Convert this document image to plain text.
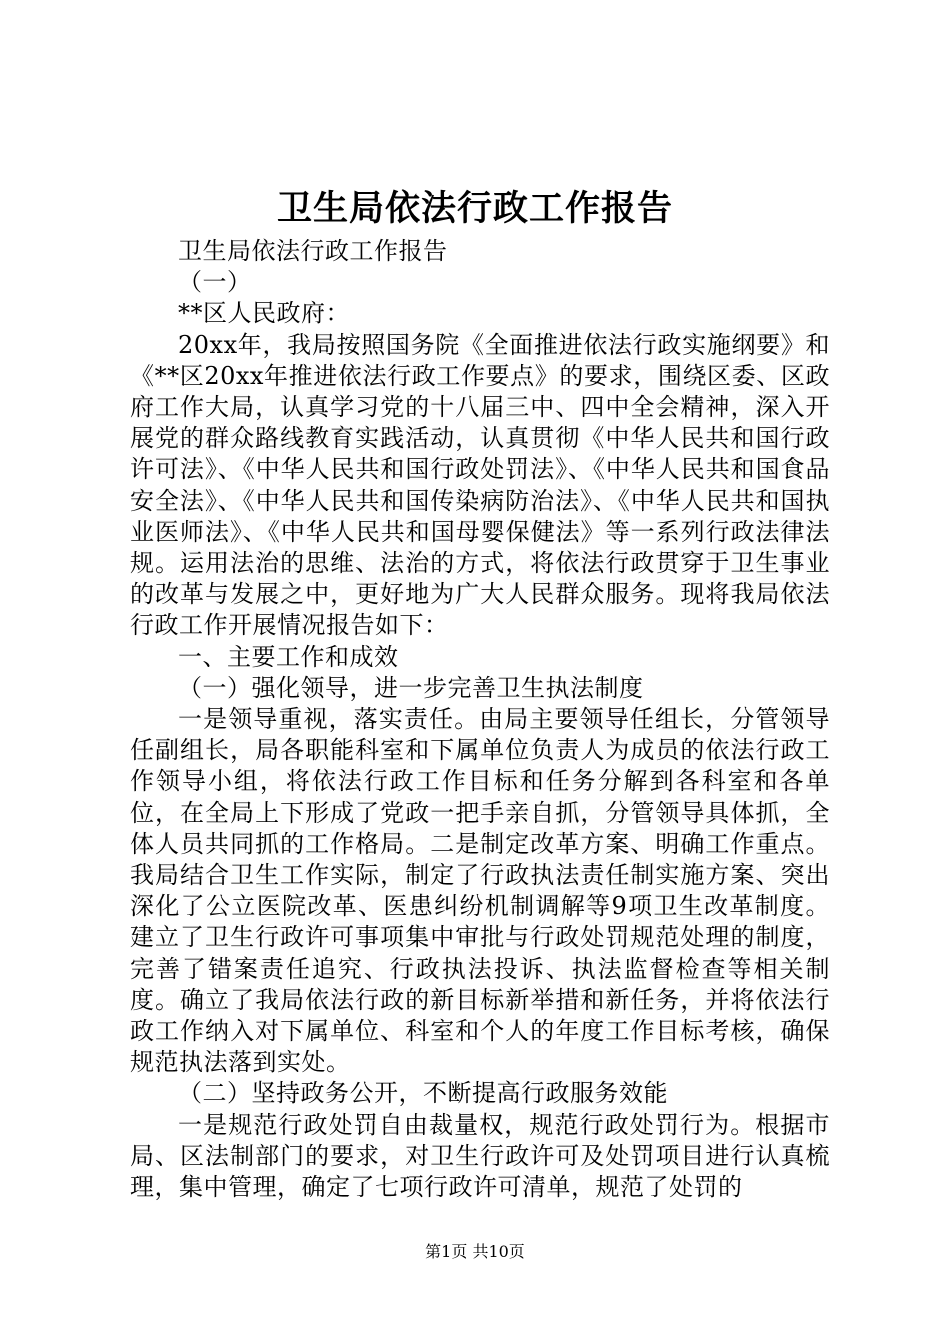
卫生局依法行政工作报告

卫生局依法行政工作报告

（一）

**区人民政府：

20xx年，我局按照国务院《全面推进依法行政实施纲要》和《**区20xx年推进依法行政工作要点》的要求，围绕区委、区政府工作大局，认真学习党的十八届三中、四中全会精神，深入开展党的群众路线教育实践活动，认真贯彻《中华人民共和国行政许可法》、《中华人民共和国行政处罚法》、《中华人民共和国食品安全法》、《中华人民共和国传染病防治法》、《中华人民共和国执业医师法》、《中华人民共和国母婴保健法》等一系列行政法律法规。运用法治的思维、法治的方式，将依法行政贯穿于卫生事业的改革与发展之中，更好地为广大人民群众服务。现将我局依法行政工作开展情况报告如下：

一、主要工作和成效

（一）强化领导，进一步完善卫生执法制度

一是领导重视，落实责任。由局主要领导任组长，分管领导任副组长，局各职能科室和下属单位负责人为成员的依法行政工作领导小组，将依法行政工作目标和任务分解到各科室和各单位，在全局上下形成了党政一把手亲自抓，分管领导具体抓，全体人员共同抓的工作格局。二是制定改革方案、明确工作重点。我局结合卫生工作实际，制定了行政执法责任制实施方案、突出深化了公立医院改革、医患纠纷机制调解等9项卫生改革制度。建立了卫生行政许可事项集中审批与行政处罚规范处理的制度，完善了错案责任追究、行政执法投诉、执法监督检查等相关制度。确立了我局依法行政的新目标新举措和新任务，并将依法行政工作纳入对下属单位、科室和个人的年度工作目标考核，确保规范执法落到实处。

（二）坚持政务公开，不断提高行政服务效能

一是规范行政处罚自由裁量权，规范行政处罚行为。根据市局、区法制部门的要求，对卫生行政许可及处罚项目进行认真梳理，集中管理，确定了七项行政许可清单，规范了处罚的

第1页 共10页
